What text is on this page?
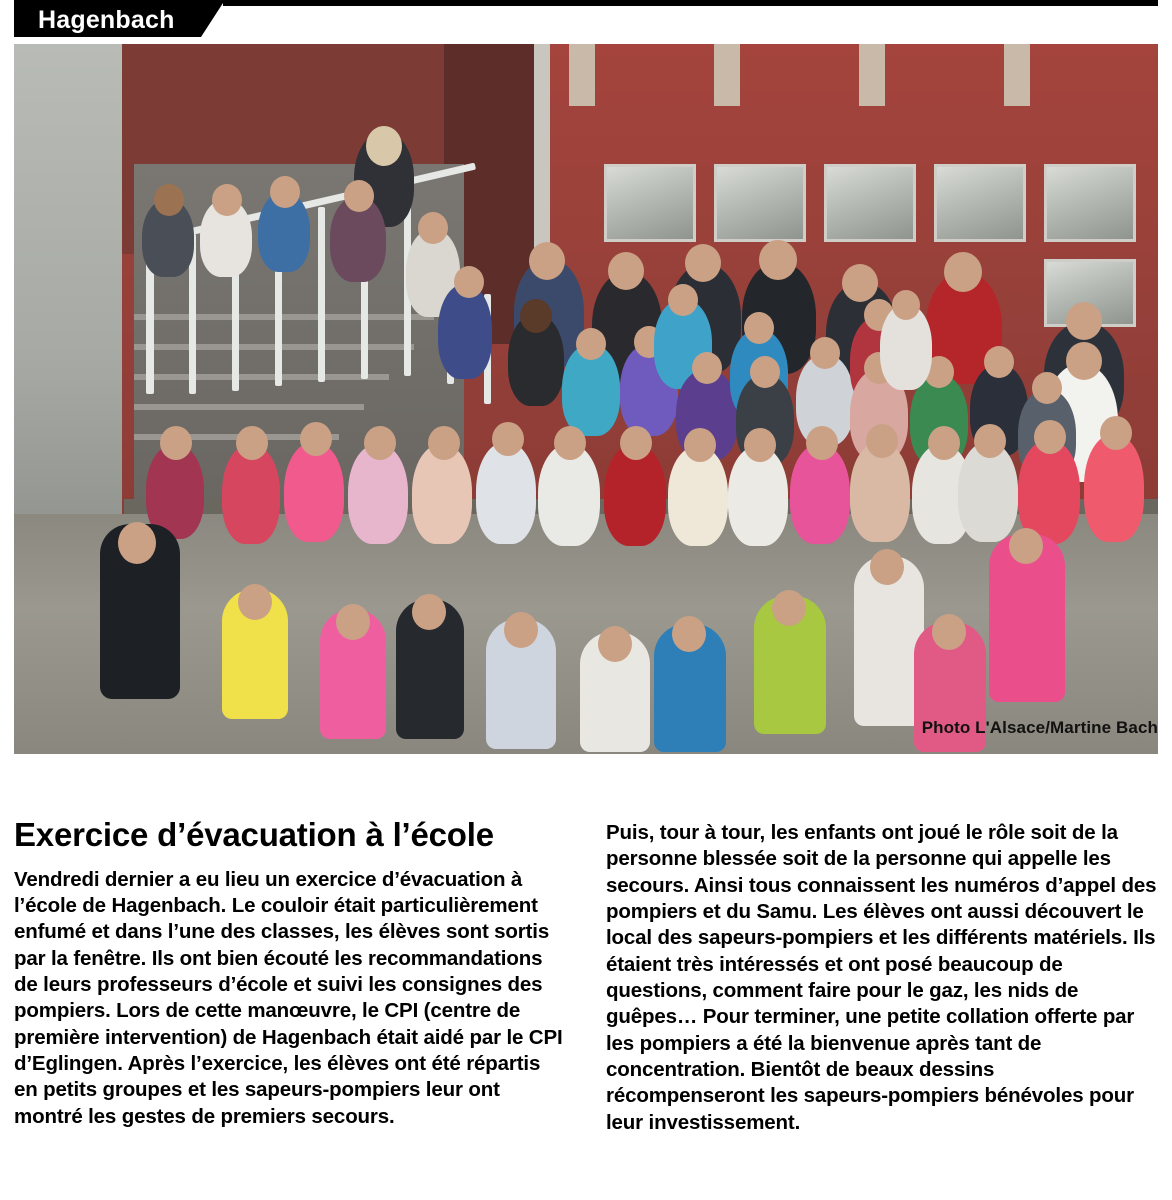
Hagenbach
Photo L'Alsace/Martine Bach
Exercice d’évacuation à l’école

Vendredi dernier a eu lieu un exercice d’évacuation à l’école de Hagenbach. Le couloir était particulièrement enfumé et dans l’une des classes, les élèves sont sortis par la fenêtre. Ils ont bien écouté les recommandations de leurs professeurs d’école et suivi les consignes des pompiers. Lors de cette manœuvre, le CPI (centre de première intervention) de Hagenbach était aidé par le CPI d’Eglingen. Après l’exercice, les élèves ont été répartis en petits groupes et les sapeurs-pompiers leur ont montré les gestes de premiers secours.

Puis, tour à tour, les enfants ont joué le rôle soit de la personne blessée soit de la personne qui appelle les secours. Ainsi tous connaissent les numéros d’appel des pompiers et du Samu. Les élèves ont aussi découvert le local des sapeurs-pompiers et les différents matériels. Ils étaient très intéressés et ont posé beaucoup de questions, comment faire pour le gaz, les nids de guêpes… Pour terminer, une petite collation offerte par les pompiers a été la bienvenue après tant de concentration. Bientôt de beaux dessins récompenseront les sapeurs-pompiers bénévoles pour leur investissement.
